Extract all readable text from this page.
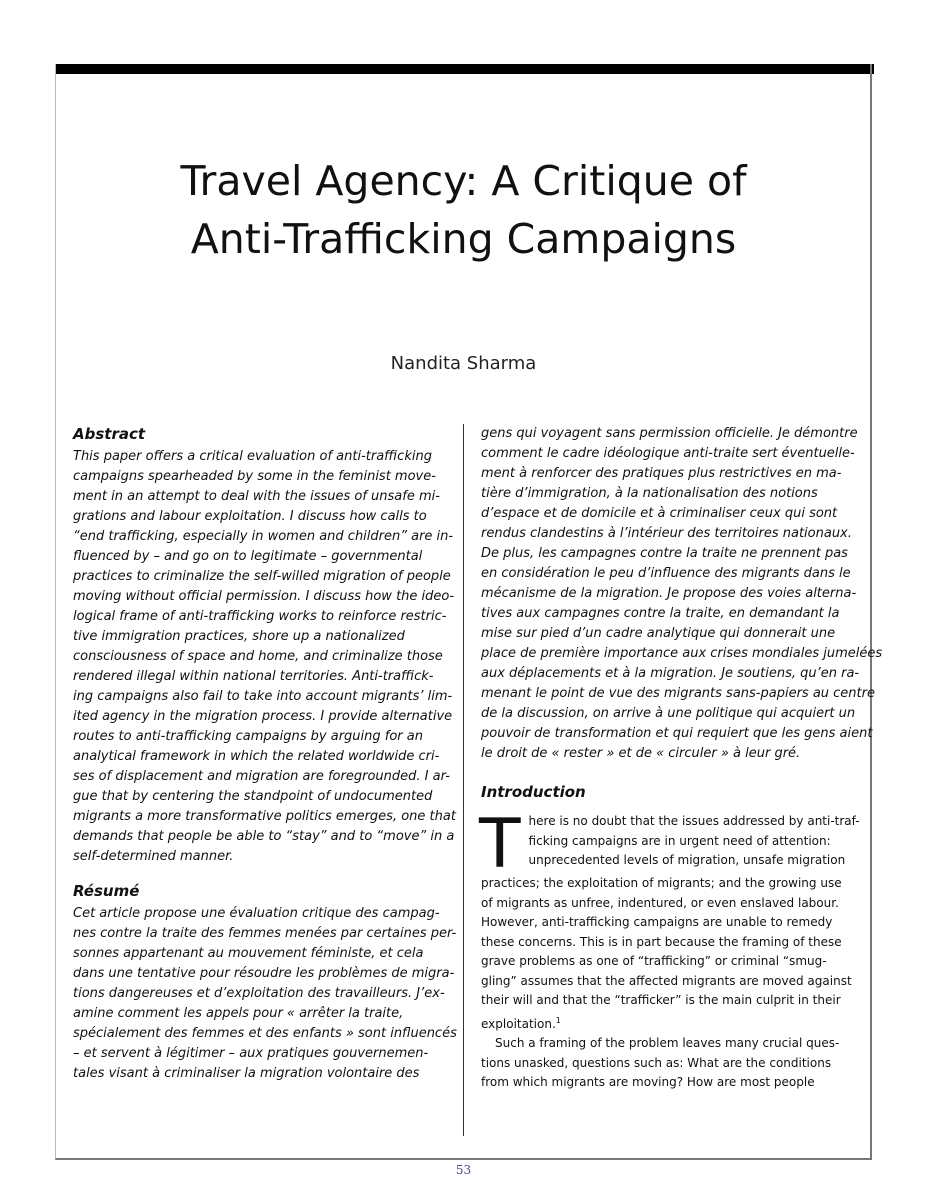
Travel Agency: A Critique of
Anti-Trafficking Campaigns
Nandita Sharma
Abstract

This paper offers a critical evaluation of anti-trafficking
campaigns spearheaded by some in the feminist move-
ment in an attempt to deal with the issues of unsafe mi-
grations and labour exploitation. I discuss how calls to
“end trafficking, especially in women and children” are in-
fluenced by – and go on to legitimate – governmental
practices to criminalize the self-willed migration of people
moving without official permission. I discuss how the ideo-
logical frame of anti-trafficking works to reinforce restric-
tive immigration practices, shore up a nationalized
consciousness of space and home, and criminalize those
rendered illegal within national territories. Anti-traffick-
ing campaigns also fail to take into account migrants’ lim-
ited agency in the migration process. I provide alternative
routes to anti-trafficking campaigns by arguing for an
analytical framework in which the related worldwide cri-
ses of displacement and migration are foregrounded. I ar-
gue that by centering the standpoint of undocumented
migrants a more transformative politics emerges, one that
demands that people be able to “stay” and to “move” in a
self-determined manner.

Résumé

Cet article propose une évaluation critique des campag-
nes contre la traite des femmes menées par certaines per-
sonnes appartenant au mouvement féministe, et cela
dans une tentative pour résoudre les problèmes de migra-
tions dangereuses et d’exploitation des travailleurs. J’ex-
amine comment les appels pour « arrêter la traite,
spécialement des femmes et des enfants » sont influencés
– et servent à légitimer – aux pratiques gouvernemen-
tales visant à criminaliser la migration volontaire des

gens qui voyagent sans permission officielle. Je démontre
comment le cadre idéologique anti-traite sert éventuelle-
ment à renforcer des pratiques plus restrictives en ma-
tière d’immigration, à la nationalisation des notions
d’espace et de domicile et à criminaliser ceux qui sont
rendus clandestins à l’intérieur des territoires nationaux.
De plus, les campagnes contre la traite ne prennent pas
en considération le peu d’influence des migrants dans le
mécanisme de la migration. Je propose des voies alterna-
tives aux campagnes contre la traite, en demandant la
mise sur pied d’un cadre analytique qui donnerait une
place de première importance aux crises mondiales jumelées
aux déplacements et à la migration. Je soutiens, qu’en ra-
menant le point de vue des migrants sans-papiers au centre
de la discussion, on arrive à une politique qui acquiert un
pouvoir de transformation et qui requiert que les gens aient
le droit de « rester » et de « circuler » à leur gré.

Introduction
T here is no doubt that the issues addressed by anti-traf-
ficking campaigns are in urgent need of attention:
unprecedented levels of migration, unsafe migration
practices; the exploitation of migrants; and the growing use
of migrants as unfree, indentured, or even enslaved labour.
However, anti-trafficking campaigns are unable to remedy
these concerns. This is in part because the framing of these
grave problems as one of “trafficking” or criminal “smug-
gling” assumes that the affected migrants are moved against
their will and that the “trafficker” is the main culprit in their
exploitation.$^1$
Such a framing of the problem leaves many crucial ques-
tions unasked, questions such as: What are the conditions
from which migrants are moving? How are most people
53
